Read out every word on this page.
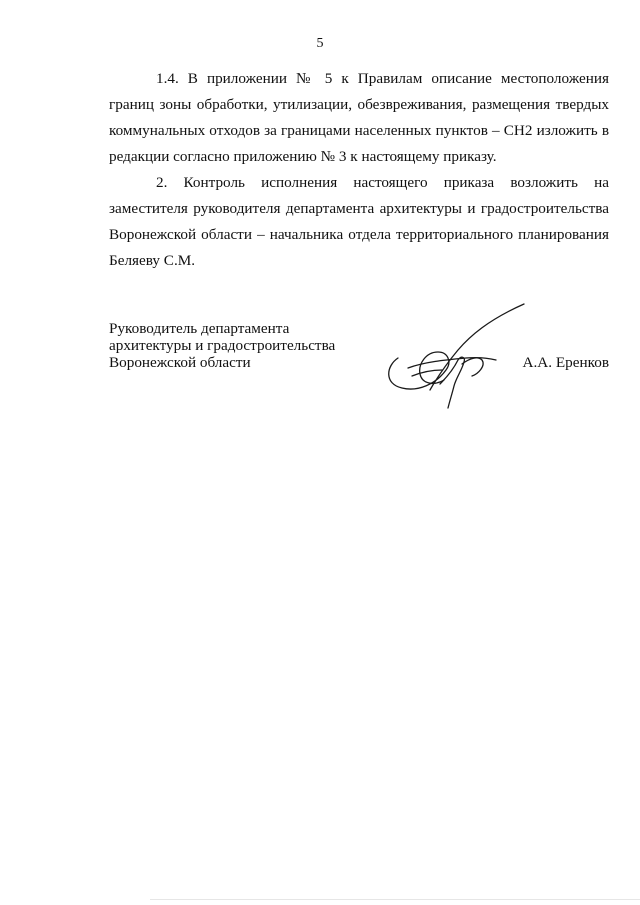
5

1.4. В приложении № 5 к Правилам описание местоположения границ зоны обработки, утилизации, обезвреживания, размещения твердых коммунальных отходов за границами населенных пунктов – СН2 изложить в редакции согласно приложению № 3 к настоящему приказу.

2. Контроль исполнения настоящего приказа возложить на заместителя руководителя департамента архитектуры и градостроительства Воронежской области – начальника отдела территориального планирования Беляеву С.М.

Руководитель департамента
архитектуры и градостроительства
Воронежской области	А.А. Еренков
